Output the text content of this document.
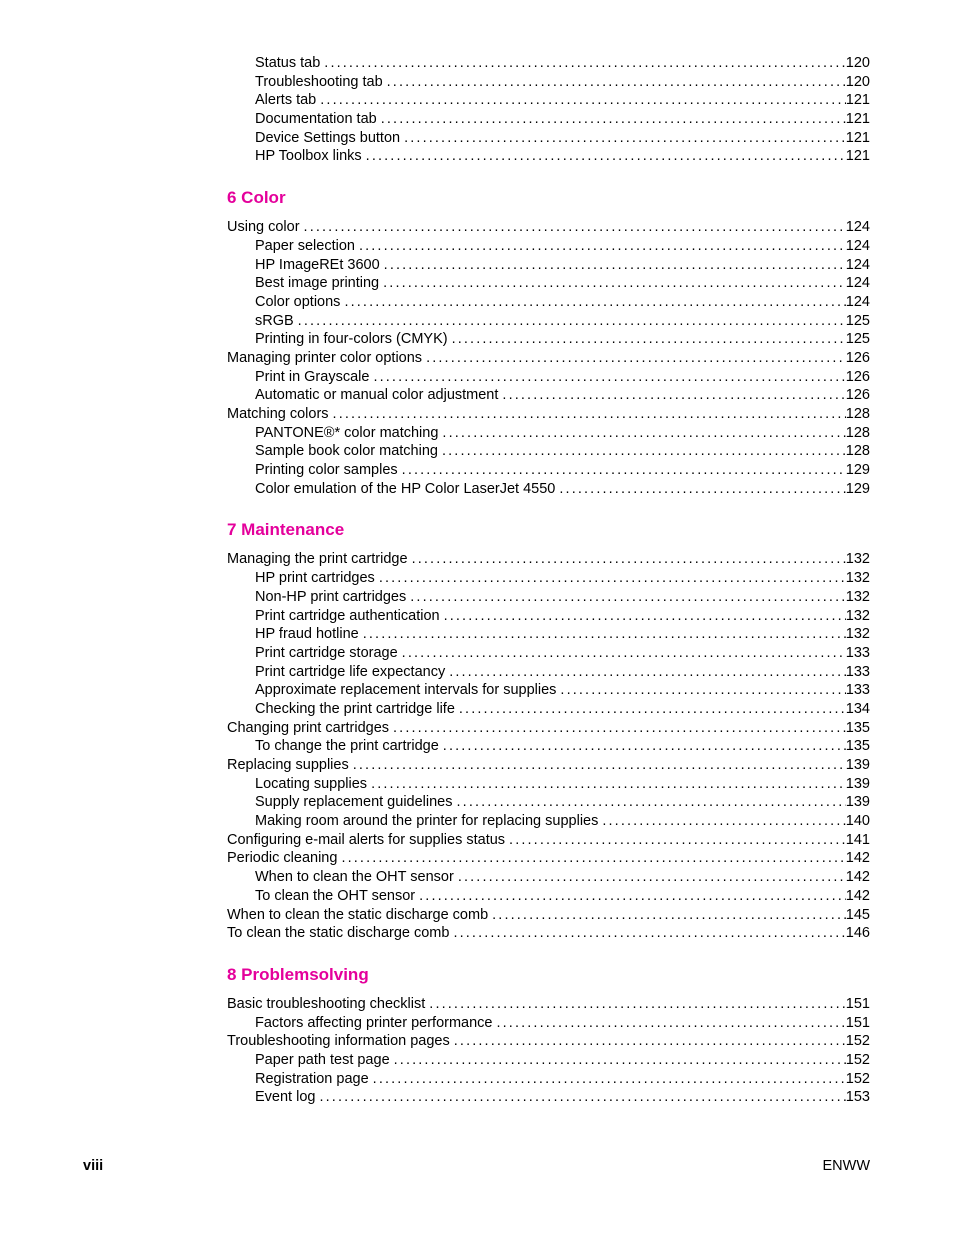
Status tab . . .	120
Troubleshooting tab . . .	120
Alerts tab . . .	121
Documentation tab . . .	121
Device Settings button . . .	121
HP Toolbox links . . .	121
6 Color
Using color . . .	124
Paper selection . . .	124
HP ImageREt 3600 . . .	124
Best image printing . . .	124
Color options . . .	124
sRGB . . .	125
Printing in four-colors (CMYK) . . .	125
Managing printer color options . . .	126
Print in Grayscale . . .	126
Automatic or manual color adjustment . . .	126
Matching colors . . .	128
PANTONE®* color matching . . .	128
Sample book color matching . . .	128
Printing color samples . . .	129
Color emulation of the HP Color LaserJet 4550 . . .	129
7 Maintenance
Managing the print cartridge . . .	132
HP print cartridges . . .	132
Non-HP print cartridges . . .	132
Print cartridge authentication . . .	132
HP fraud hotline . . .	132
Print cartridge storage . . .	133
Print cartridge life expectancy . . .	133
Approximate replacement intervals for supplies . . .	133
Checking the print cartridge life . . .	134
Changing print cartridges . . .	135
To change the print cartridge . . .	135
Replacing supplies . . .	139
Locating supplies . . .	139
Supply replacement guidelines . . .	139
Making room around the printer for replacing supplies . . .	140
Configuring e-mail alerts for supplies status . . .	141
Periodic cleaning . . .	142
When to clean the OHT sensor . . .	142
To clean the OHT sensor . . .	142
When to clean the static discharge comb . . .	145
To clean the static discharge comb . . .	146
8 Problemsolving
Basic troubleshooting checklist . . .	151
Factors affecting printer performance . . .	151
Troubleshooting information pages . . .	152
Paper path test page . . .	152
Registration page . . .	152
Event log . . .	153
viii	ENWW
